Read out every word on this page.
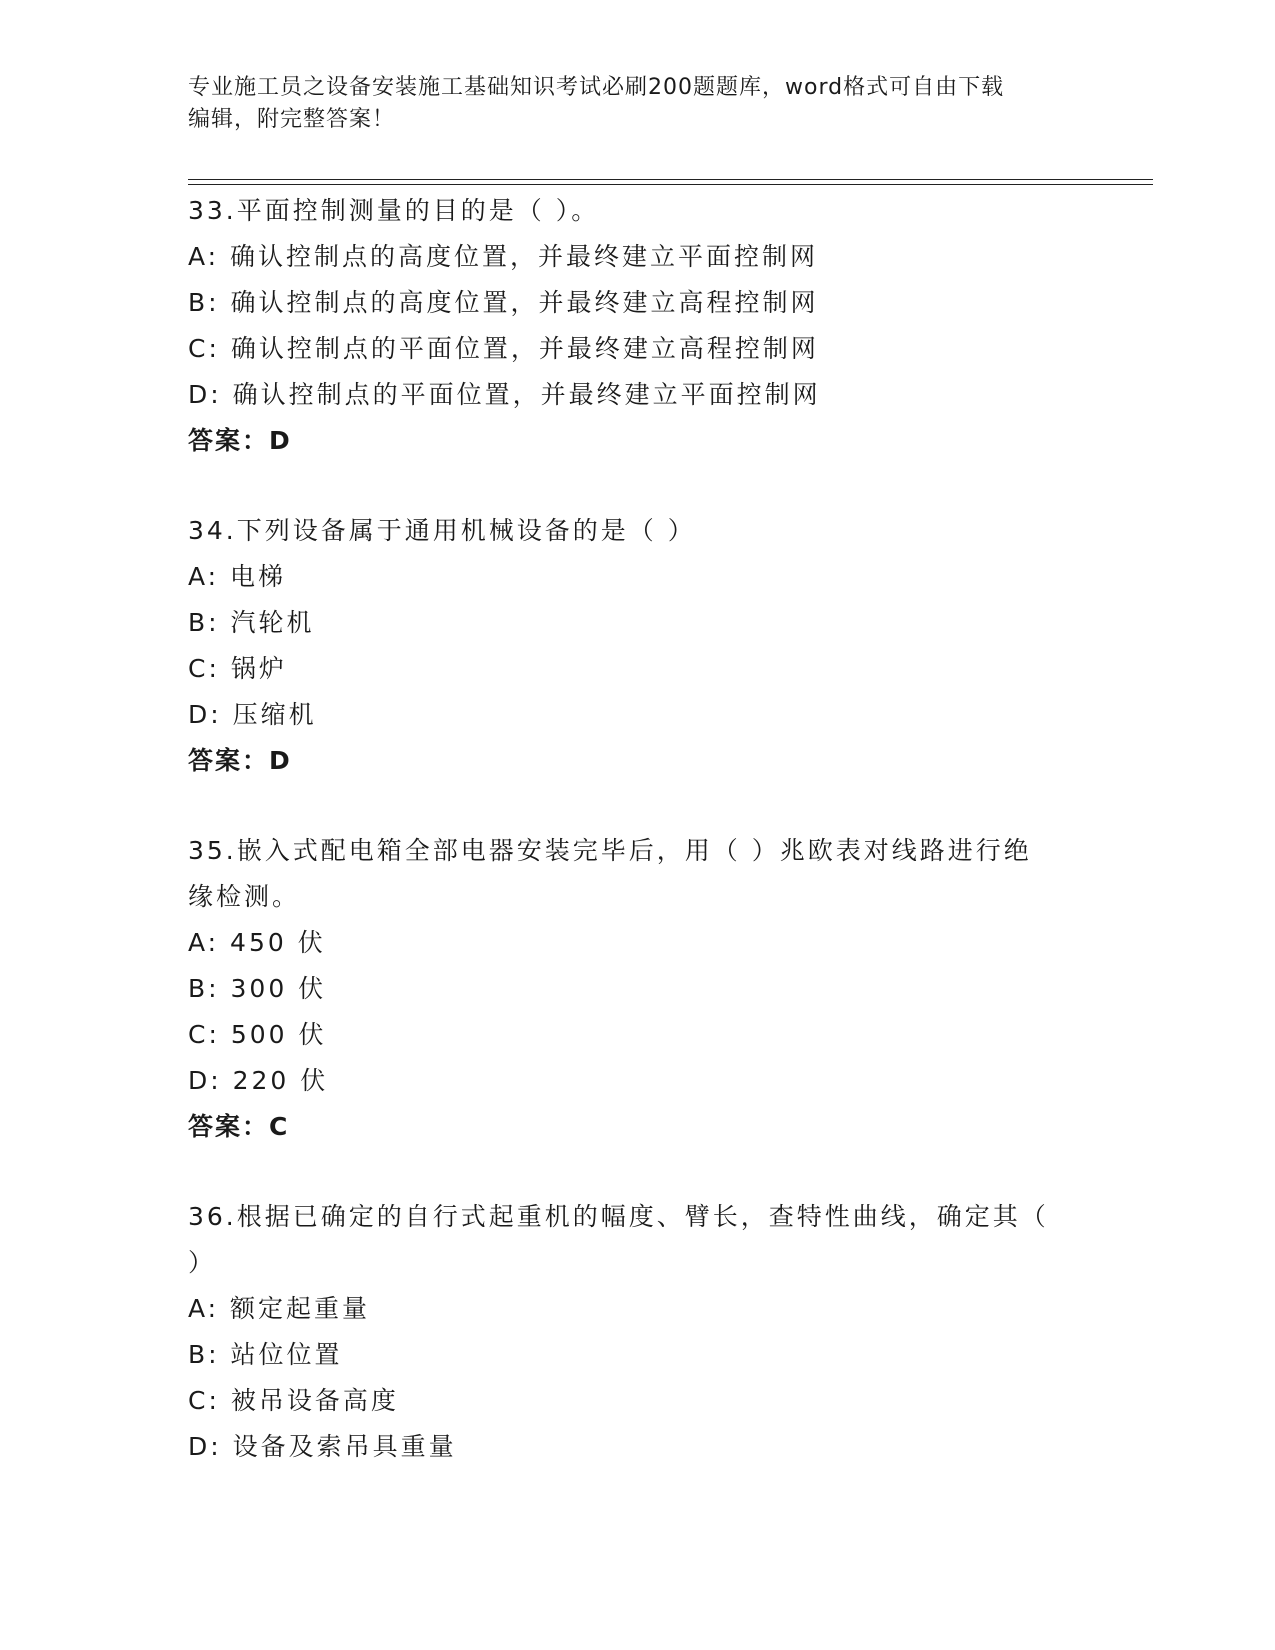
专业施工员之设备安装施工基础知识考试必刷200题题库，word格式可自由下载
编辑，附完整答案！
33.平面控制测量的目的是（ ）。
A: 确认控制点的高度位置，并最终建立平面控制网
B: 确认控制点的高度位置，并最终建立高程控制网
C: 确认控制点的平面位置，并最终建立高程控制网
D: 确认控制点的平面位置，并最终建立平面控制网
答案：D
34.下列设备属于通用机械设备的是（ ）
A: 电梯
B: 汽轮机
C: 锅炉
D: 压缩机
答案：D
35.嵌入式配电箱全部电器安装完毕后，用（ ）兆欧表对线路进行绝
缘检测。
A: 450 伏
B: 300 伏
C: 500 伏
D: 220 伏
答案：C
36.根据已确定的自行式起重机的幅度、臂长，查特性曲线，确定其（
）
A: 额定起重量
B: 站位位置
C: 被吊设备高度
D: 设备及索吊具重量
